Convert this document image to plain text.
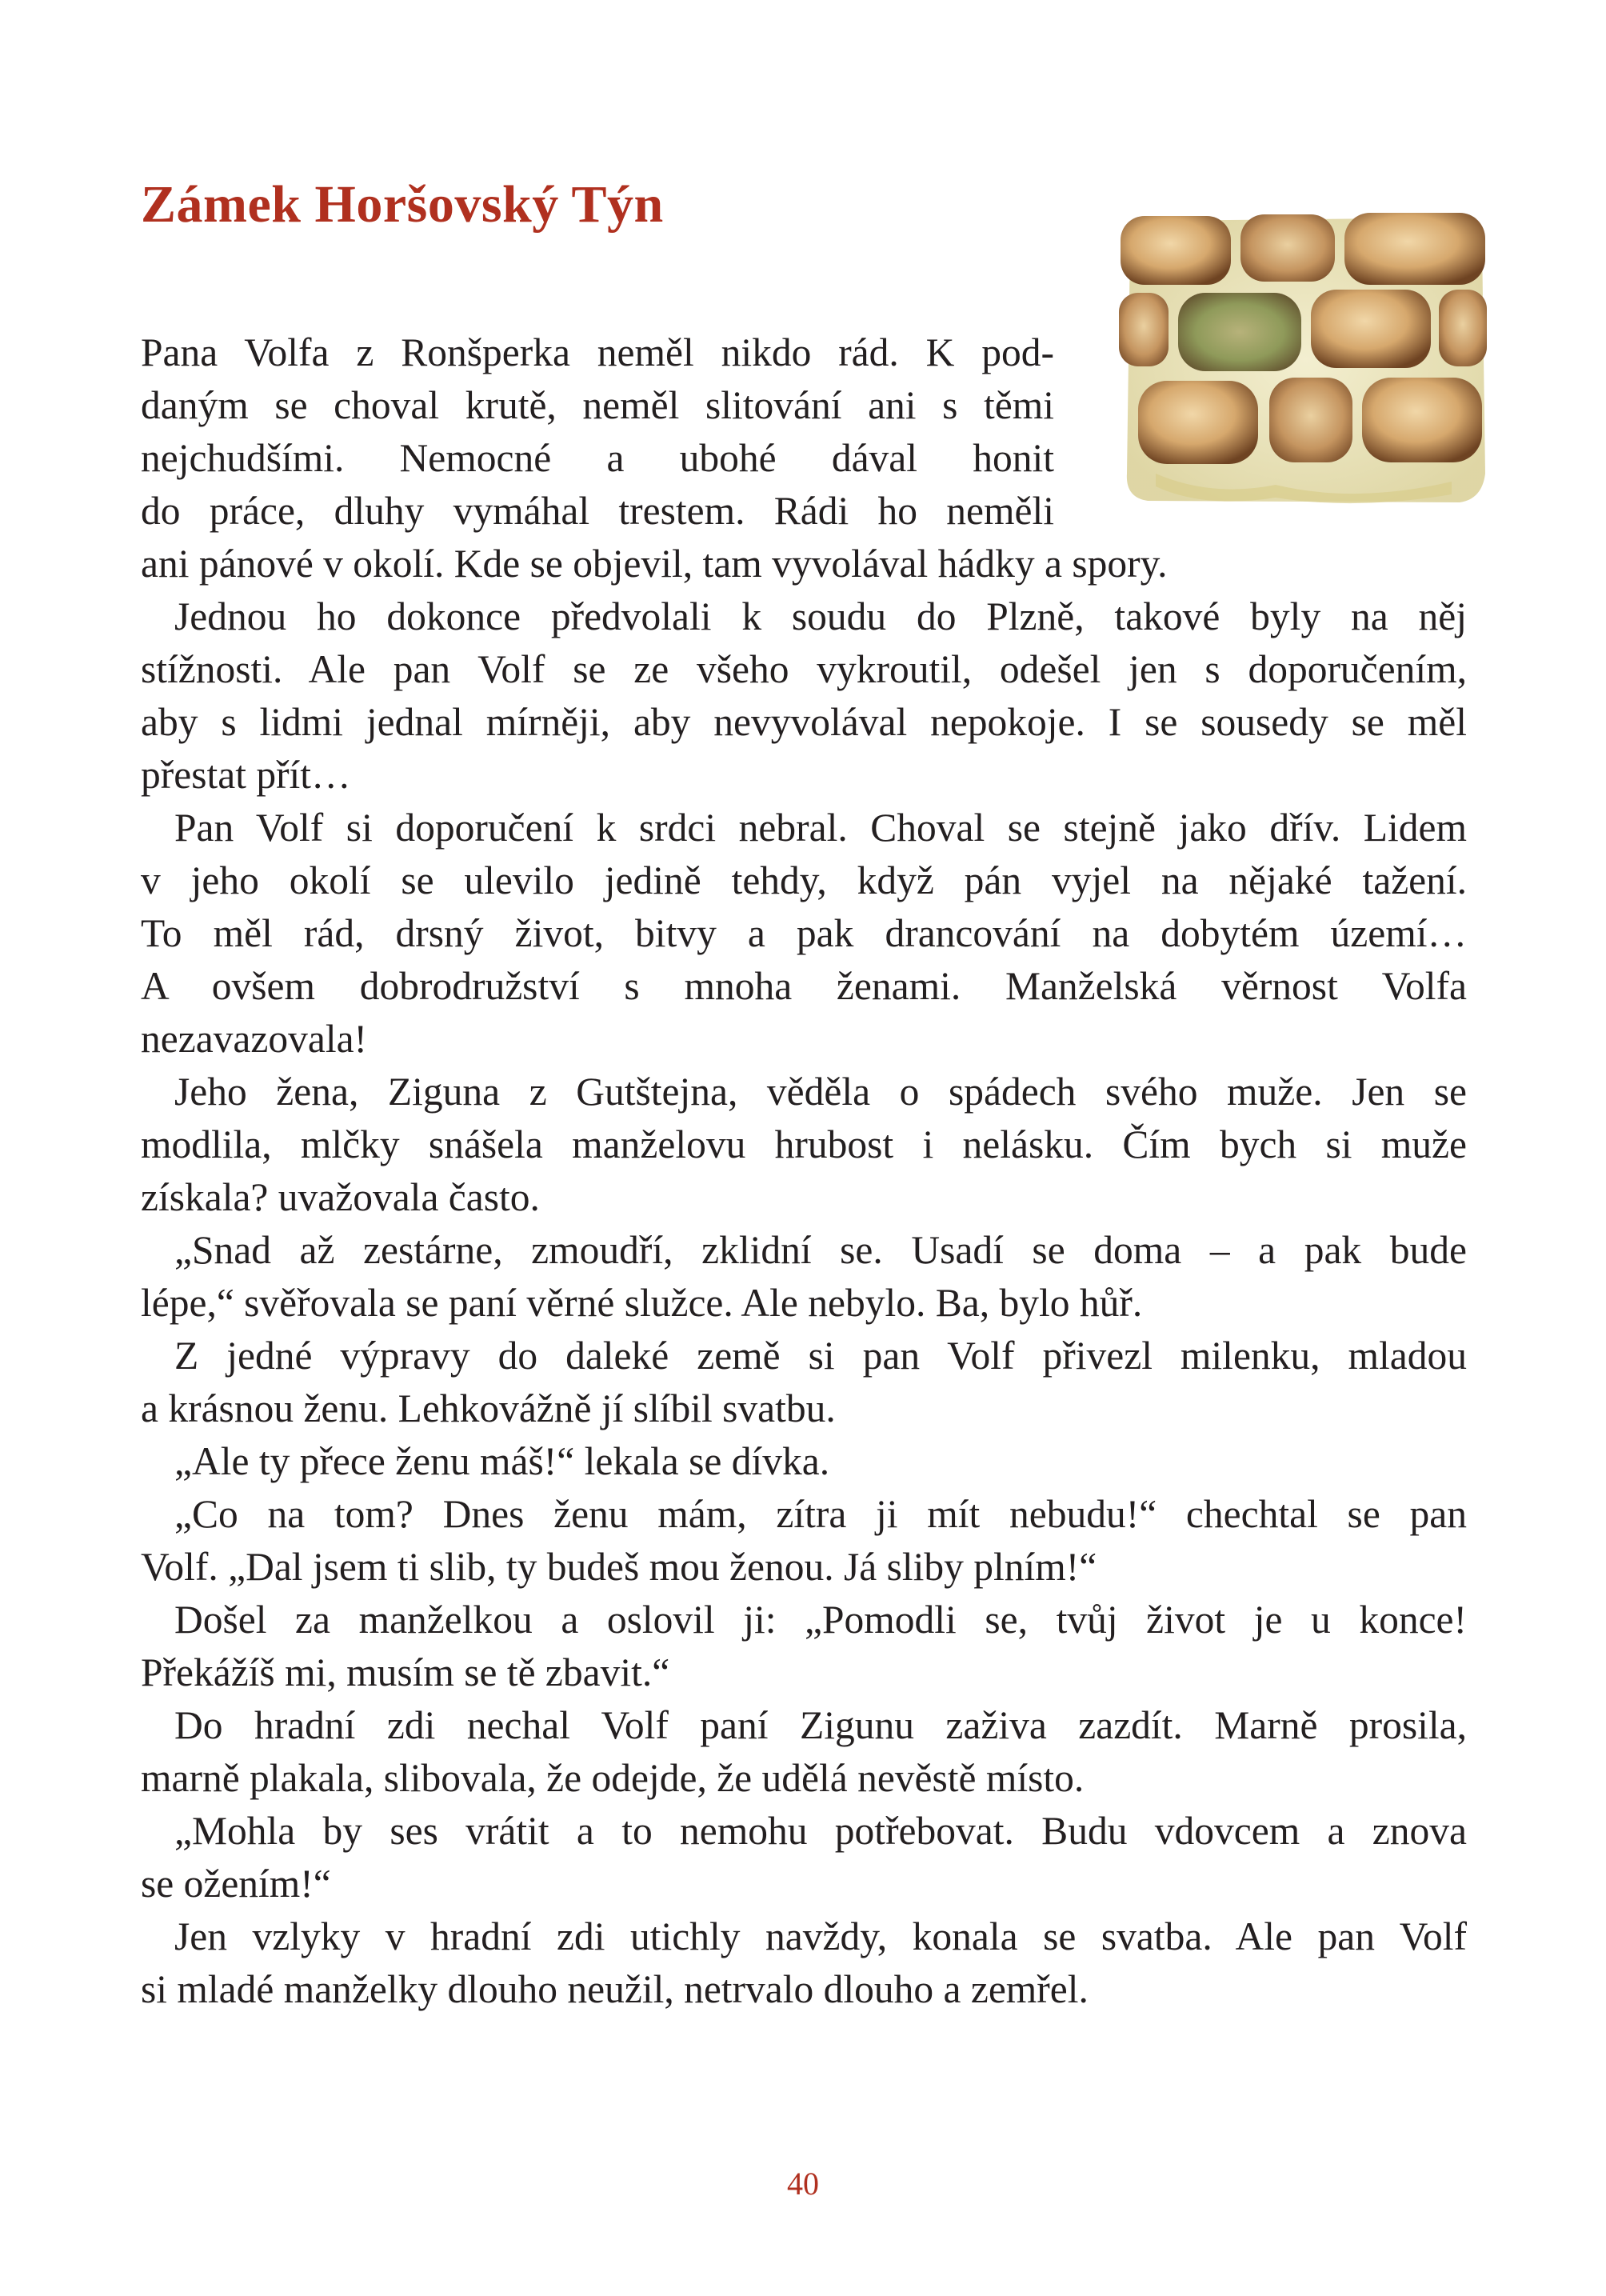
Zámek Horšovský Týn
Pana Volfa z Ronšperka neměl nikdo rád. K pod-
daným se choval krutě, neměl slitování ani s těmi
nejchudšími. Nemocné a ubohé dával honit
do práce, dluhy vymáhal trestem. Rádi ho neměli
ani pánové v okolí. Kde se objevil, tam vyvolával hádky a spory.
Jednou ho dokonce předvolali k soudu do Plzně, takové byly na něj
stížnosti. Ale pan Volf se ze všeho vykroutil, odešel jen s doporučením,
aby s lidmi jednal mírněji, aby nevyvolával nepokoje. I se sousedy se měl
přestat přít…
Pan Volf si doporučení k srdci nebral. Choval se stejně jako dřív. Lidem
v jeho okolí se ulevilo jedině tehdy, když pán vyjel na nějaké tažení.
To měl rád, drsný život, bitvy a pak drancování na dobytém území…
A ovšem dobrodružství s mnoha ženami. Manželská věrnost Volfa
nezavazovala!
Jeho žena, Ziguna z Gutštejna, věděla o spádech svého muže. Jen se
modlila, mlčky snášela manželovu hrubost i nelásku. Čím bych si muže
získala? uvažovala často.
„Snad až zestárne, zmoudří, zklidní se. Usadí se doma – a pak bude
lépe,“ svěřovala se paní věrné služce. Ale nebylo. Ba, bylo hůř.
Z jedné výpravy do daleké země si pan Volf přivezl milenku, mladou
a krásnou ženu. Lehkovážně jí slíbil svatbu.
„Ale ty přece ženu máš!“ lekala se dívka.
„Co na tom? Dnes ženu mám, zítra ji mít nebudu!“ chechtal se pan
Volf. „Dal jsem ti slib, ty budeš mou ženou. Já sliby plním!“
Došel za manželkou a oslovil ji: „Pomodli se, tvůj život je u konce!
Překážíš mi, musím se tě zbavit.“
Do hradní zdi nechal Volf paní Zigunu zaživa zazdít. Marně prosila,
marně plakala, slibovala, že odejde, že udělá nevěstě místo.
„Mohla by ses vrátit a to nemohu potřebovat. Budu vdovcem a znova
se ožením!“
Jen vzlyky v hradní zdi utichly navždy, konala se svatba. Ale pan Volf
si mladé manželky dlouho neužil, netrvalo dlouho a zemřel.
40
